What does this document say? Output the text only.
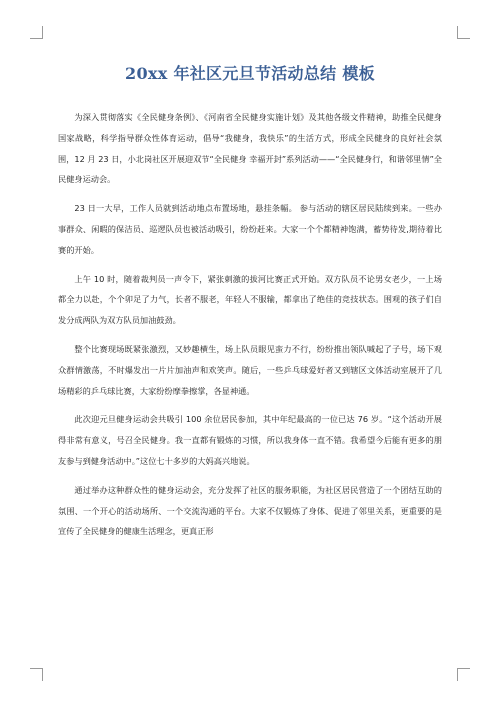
20xx 年社区元旦节活动总结 模板

为深入贯彻落实《全民健身条例》、《河南省全民健身实施计划》及其他各级文件精神，助推全民健身国家战略，科学指导群众性体育运动，倡导“我健身，我快乐”的生活方式，形成全民健身的良好社会氛围，12 月 23 日，小北岗社区开展迎双节“全民健身 幸福开封”系列活动——“全民健身行，和谐邻里情”全民健身运动会。

23 日一大早，工作人员就到活动地点布置场地，悬挂条幅。 参与活动的辖区居民陆续到来。一些办事群众、闲暇的保洁员、巡逻队员也被活动吸引，纷纷赶来。大家一个个都精神饱满，蓄势待发,期待着比赛的开始。

上午 10 时，随着裁判员一声令下，紧张刺激的拔河比赛正式开始。双方队员不论男女老少，一上场都全力以赴，个个卯足了力气，长者不服老，年轻人不服输，都拿出了绝佳的竞技状态。围观的孩子们自发分成两队为双方队员加油鼓劲。

整个比赛现场既紧张激烈，又妙趣横生，场上队员眼见蛮力不行，纷纷推出领队喊起了子号，场下观众群情激荡，不时爆发出一片片加油声和欢笑声。随后，一些乒乓球爱好者又到辖区文体活动室展开了几场精彩的乒乓球比赛，大家纷纷摩拳擦掌，各显神通。

此次迎元旦健身运动会共吸引 100 余位居民参加，其中年纪最高的一位已达 76 岁。“这个活动开展得非常有意义，号召全民健身。我一直都有锻炼的习惯，所以我身体一直不错。我希望今后能有更多的朋友参与到健身活动中。”这位七十多岁的大妈高兴地说。

通过举办这种群众性的健身运动会，充分发挥了社区的服务职能，为社区居民营造了一个团结互助的氛围、一个开心的活动场所、一个交流沟通的平台。大家不仅锻炼了身体、促进了邻里关系，更重要的是宣传了全民健身的健康生活理念，更真正形
